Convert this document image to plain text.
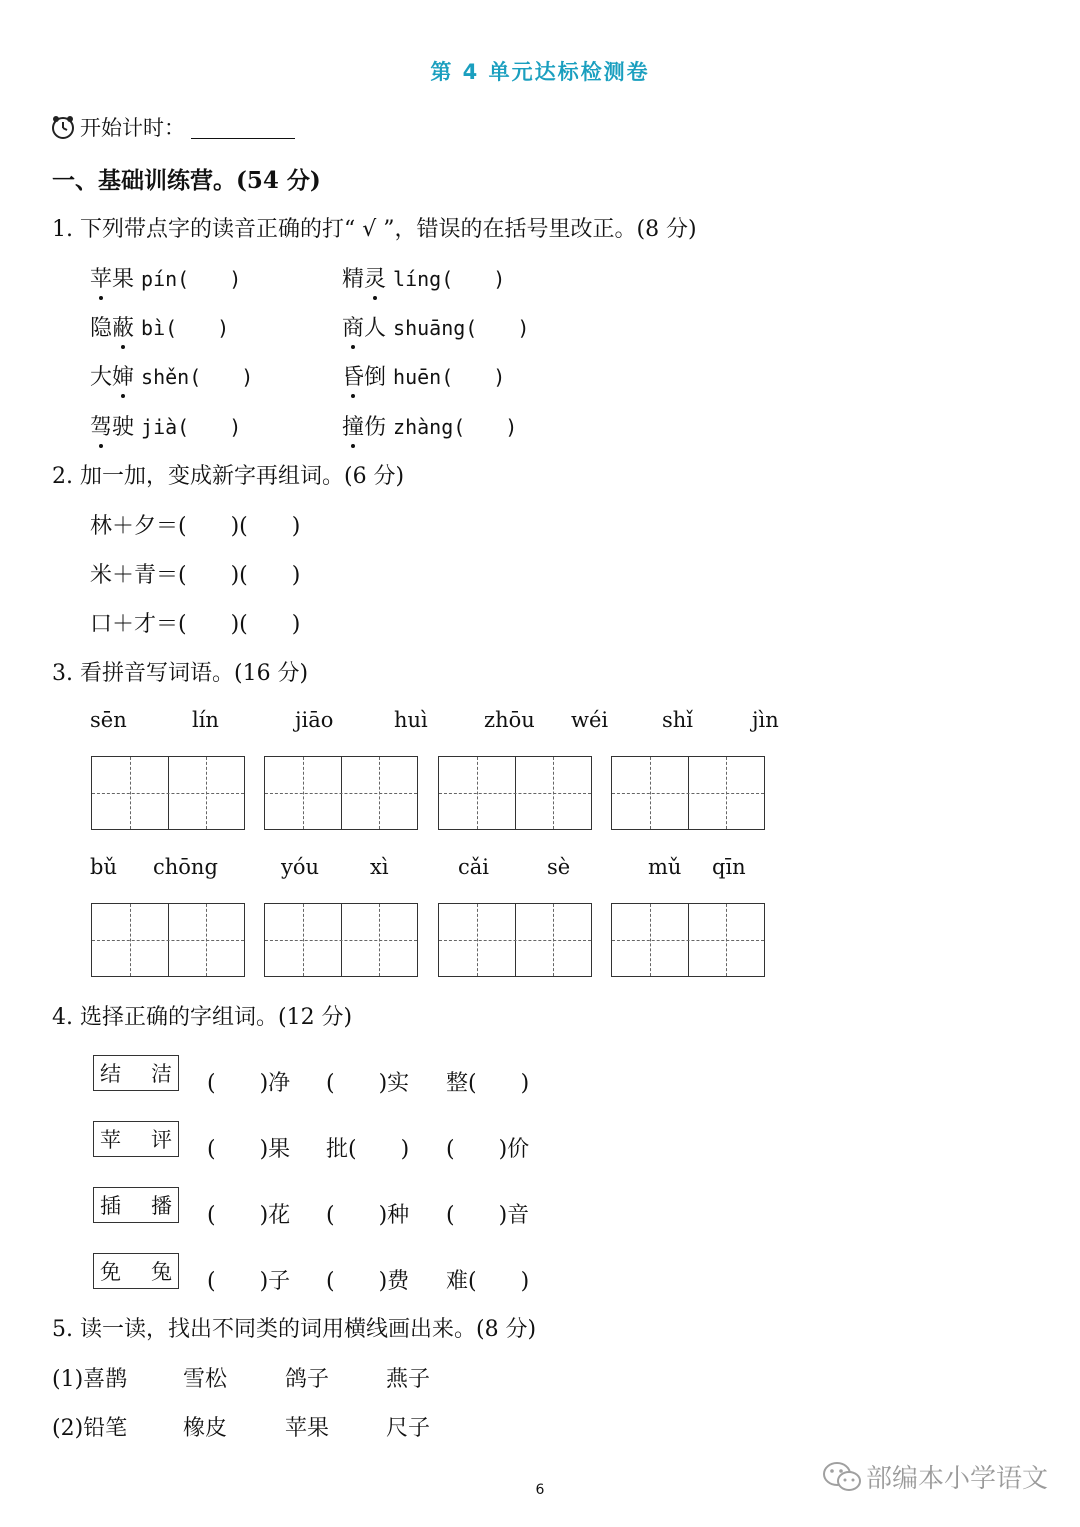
第 4 单元达标检测卷
开始计时：
一、基础训练营。(54 分)
1. 下列带点字的读音正确的打“ √ ”，错误的在括号里改正。(8 分)
苹果 pín(　　)	精灵 líng(　　)
隐蔽 bì(　　)	商人 shuāng(　　)
大婶 shěn(　　)	昏倒 huēn(　　)
驾驶 jià(　　)	撞伤 zhàng(　　)
2. 加一加，变成新字再组词。(6 分)
林＋夕＝(　　)(　　)
米＋青＝(　　)(　　)
口＋才＝(　　)(　　)
3. 看拼音写词语。(16 分)
sēn	lín	jiāo	huì	zhōu wéi	shǐ	jìn
bǔ chōng	yóu xì	cǎi	sè	mǔ qīn
4. 选择正确的字组词。(12 分)
结 洁 (　　)净 (　　)实 整(　　)
苹 评 (　　)果 批(　　) (　　)价
插 播 (　　)花 (　　)种 (　　)音
免 兔 (　　)子 (　　)费 难(　　)
5. 读一读，找出不同类的词用横线画出来。(8 分)
(1)喜鹊	雪松	鸽子	燕子
(2)铅笔	橡皮	苹果	尺子
6	部编本小学语文
